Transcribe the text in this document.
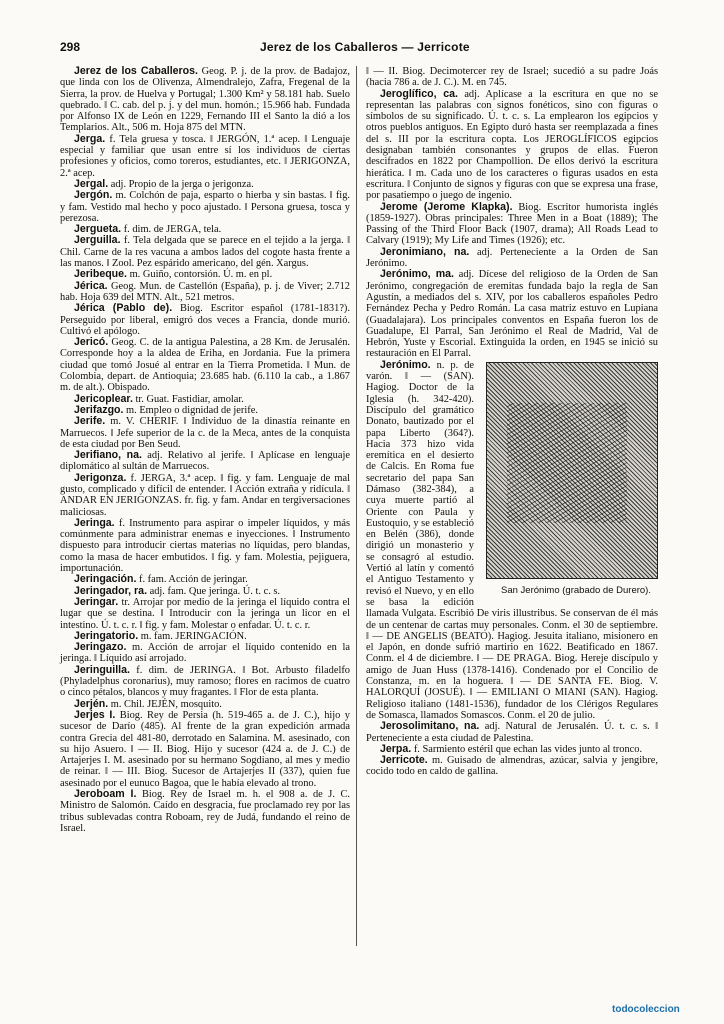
298	Jerez de los Caballeros — Jerricote
Jerez de los Caballeros. Geog. P. j. de la prov. de Badajoz, que linda con los de Olivenza, Almendralejo, Zafra, Fregenal de la Sierra, la prov. de Huelva y Portugal; 1.300 Km² y 58.181 hab. Suelo quebrado. ‖ C. cab. del p. j. y del mun. homón.; 15.966 hab. Fundada por Alfonso IX de León en 1229, Fernando III el Santo la dió a los Templarios. Alt., 506 m. Hoja 875 del MTN.
Jerga. f. Tela gruesa y tosca. ‖ JERGÓN, 1.ª acep. ‖ Lenguaje especial y familiar que usan entre sí los individuos de ciertas profesiones y oficios, como toreros, estudiantes, etc. ‖ JERIGONZA, 2.ª acep.
Jergal. adj. Propio de la jerga o jerigonza.
Jergón. m. Colchón de paja, esparto o hierba y sin bastas. ‖ fig. y fam. Vestido mal hecho y poco ajustado. ‖ Persona gruesa, tosca y perezosa.
Jergueta. f. dim. de JERGA, tela.
Jerguilla. f. Tela delgada que se parece en el tejido a la jerga. ‖ Chil. Carne de la res vacuna a ambos lados del cogote hasta frente a las manos. ‖ Zool. Pez espárido americano, del gén. Xargus.
Jeribeque. m. Guiño, contorsión. Ú. m. en pl.
Jérica. Geog. Mun. de Castellón (España), p. j. de Viver; 2.712 hab. Hoja 639 del MTN. Alt., 521 metros.
Jérica (Pablo de). Biog. Escritor español (1781-1831?). Perseguido por liberal, emigró dos veces a Francia, donde murió. Cultivó el apólogo.
Jericó. Geog. C. de la antigua Palestina, a 28 Km. de Jerusalén. Corresponde hoy a la aldea de Eriha, en Jordania. Fue la primera ciudad que tomó Josué al entrar en la Tierra Prometida. ‖ Mun. de Colombia, depart. de Antioquia; 23.685 hab. (6.110 la cab., a 1.867 m. de alt.). Obispado.
Jericoplear. tr. Guat. Fastidiar, amolar.
Jerifazgo. m. Empleo o dignidad de jerife.
Jerife. m. V. CHERIF. ‖ Individuo de la dinastía reinante en Marruecos. ‖ Jefe superior de la c. de la Meca, antes de la conquista de esta ciudad por Ben Seud.
Jerifiano, na. adj. Relativo al jerife. ‖ Aplícase en lenguaje diplomático al sultán de Marruecos.
Jerigonza. f. JERGA, 3.ª acep. ‖ fig. y fam. Lenguaje de mal gusto, complicado y difícil de entender. ‖ Acción extraña y ridícula. ‖ ANDAR EN JERIGONZAS. fr. fig. y fam. Andar en tergiversaciones maliciosas.
Jeringa. f. Instrumento para aspirar o impeler líquidos, y más comúnmente para administrar enemas e inyecciones. ‖ Instrumento dispuesto para introducir ciertas materias no líquidas, pero blandas, como la masa de hacer embutidos. ‖ fig. y fam. Molestia, pejiguera, importunación.
Jeringación. f. fam. Acción de jeringar.
Jeringador, ra. adj. fam. Que jeringa. Ú. t. c. s.
Jeringar. tr. Arrojar por medio de la jeringa el líquido contra el lugar que se destina. ‖ Introducir con la jeringa un licor en el intestino. Ú. t. c. r. ‖ fig. y fam. Molestar o enfadar. Ú. t. c. r.
Jeringatorio. m. fam. JERINGACIÓN.
Jeringazo. m. Acción de arrojar el líquido contenido en la jeringa. ‖ Líquido así arrojado.
Jeringuilla. f. dim. de JERINGA. ‖ Bot. Arbusto filadelfo (Phyladelphus coronarius), muy ramoso; flores en racimos de cuatro o cinco pétalos, blancos y muy fragantes. ‖ Flor de esta planta.
Jerjén. m. Chil. JEJÉN, mosquito.
Jerjes I. Biog. Rey de Persia (h. 519-465 a. de J. C.), hijo y sucesor de Darío (485). Al frente de la gran expedición armada contra Grecia del 481-80, derrotado en Salamina. M. asesinado, con su hijo Asuero. ‖ — II. Biog. Hijo y sucesor (424 a. de J. C.) de Artajerjes I. M. asesinado por su hermano Sogdiano, al mes y medio de reinar. ‖ — III. Biog. Sucesor de Artajerjes II (337), quien fue asesinado por el eunuco Bagoa, que le había elevado al trono.
Jeroboam I. Biog. Rey de Israel m. h. el 908 a. de J. C. Ministro de Salomón. Caído en desgracia, fue proclamado rey por las tribus sublevadas contra Roboam, rey de Judá, fundando el reino de Israel.
‖ — II. Biog. Decimotercer rey de Israel; sucedió a su padre Joás (hacia 786 a. de J. C.). M. en 745.
Jeroglífico, ca. adj. Aplícase a la escritura en que no se representan las palabras con signos fonéticos, sino con figuras o símbolos de su significado. Ú. t. c. s. La emplearon los egipcios y otros pueblos antiguos. En Egipto duró hasta ser reemplazada a fines del s. III por la escritura copta. Los JEROGLÍFICOS egipcios designaban también consonantes y grupos de ellas. Fueron descifrados en 1822 por Champollion. De ellos derivó la escritura hierática. ‖ m. Cada uno de los caracteres o figuras usados en esta escritura. ‖ Conjunto de signos y figuras con que se expresa una frase, por pasatiempo o juego de ingenio.
Jerome (Jerome Klapka). Biog. Escritor humorista inglés (1859-1927). Obras principales: Three Men in a Boat (1889); The Passing of the Third Floor Back (1907, drama); All Roads Lead to Calvary (1919); My Life and Times (1926); etc.
Jeronimiano, na. adj. Perteneciente a la Orden de San Jerónimo.
Jerónimo, ma. adj. Dícese del religioso de la Orden de San Jerónimo, congregación de eremitas fundada bajo la regla de San Agustín, a mediados del s. XIV, por los caballeros españoles Pedro Fernández Pecha y Pedro Román. La casa matriz estuvo en Lupiana (Guadalajara). Los principales conventos en España fueron los de Guadalupe, El Parral, San Jerónimo el Real de Madrid, Val de Hebrón, Yuste y Escorial. Extinguida la orden, en 1945 se inició su restauración en El Parral.
San Jerónimo (grabado de Durero).
Jerónimo. n. p. de varón. ‖ — (SAN). Hagiog. Doctor de la Iglesia (h. 342-420). Discípulo del gramático Donato, bautizado por el papa Liberto (364?). Hacia 373 hizo vida eremítica en el desierto de Calcis. En Roma fue secretario del papa San Dámaso (382-384), a cuya muerte partió al Oriente con Paula y Eustoquio, y se estableció en Belén (386), donde dirigió un monasterio y se consagró al estudio. Vertió al latín y comentó el Antiguo Testamento y revisó el Nuevo, y en ello se basa la edición llamada Vulgata. Escribió De viris illustribus. Se conservan de él más de un centenar de cartas muy personales. Conm. el 30 de septiembre. ‖ — DE ANGELIS (BEATO). Hagiog. Jesuita italiano, misionero en el Japón, en donde sufrió martirio en 1622. Beatificado en 1867. Conm. el 4 de diciembre. ‖ — DE PRAGA. Biog. Hereje discípulo y amigo de Juan Huss (1378-1416). Condenado por el Concilio de Constanza, m. en la hoguera. ‖ — DE SANTA FE. Biog. V. HALORQUÍ (JOSUÉ). ‖ — EMILIANI O MIANI (SAN). Hagiog. Religioso italiano (1481-1536), fundador de los Clérigos Regulares de Somasca, llamados Somascos. Conm. el 20 de julio.
Jerosolimitano, na. adj. Natural de Jerusalén. Ú. t. c. s. ‖ Perteneciente a esta ciudad de Palestina.
Jerpa. f. Sarmiento estéril que echan las vides junto al tronco.
Jerricote. m. Guisado de almendras, azúcar, salvia y jengibre, cocido todo en caldo de gallina.
todocoleccion
